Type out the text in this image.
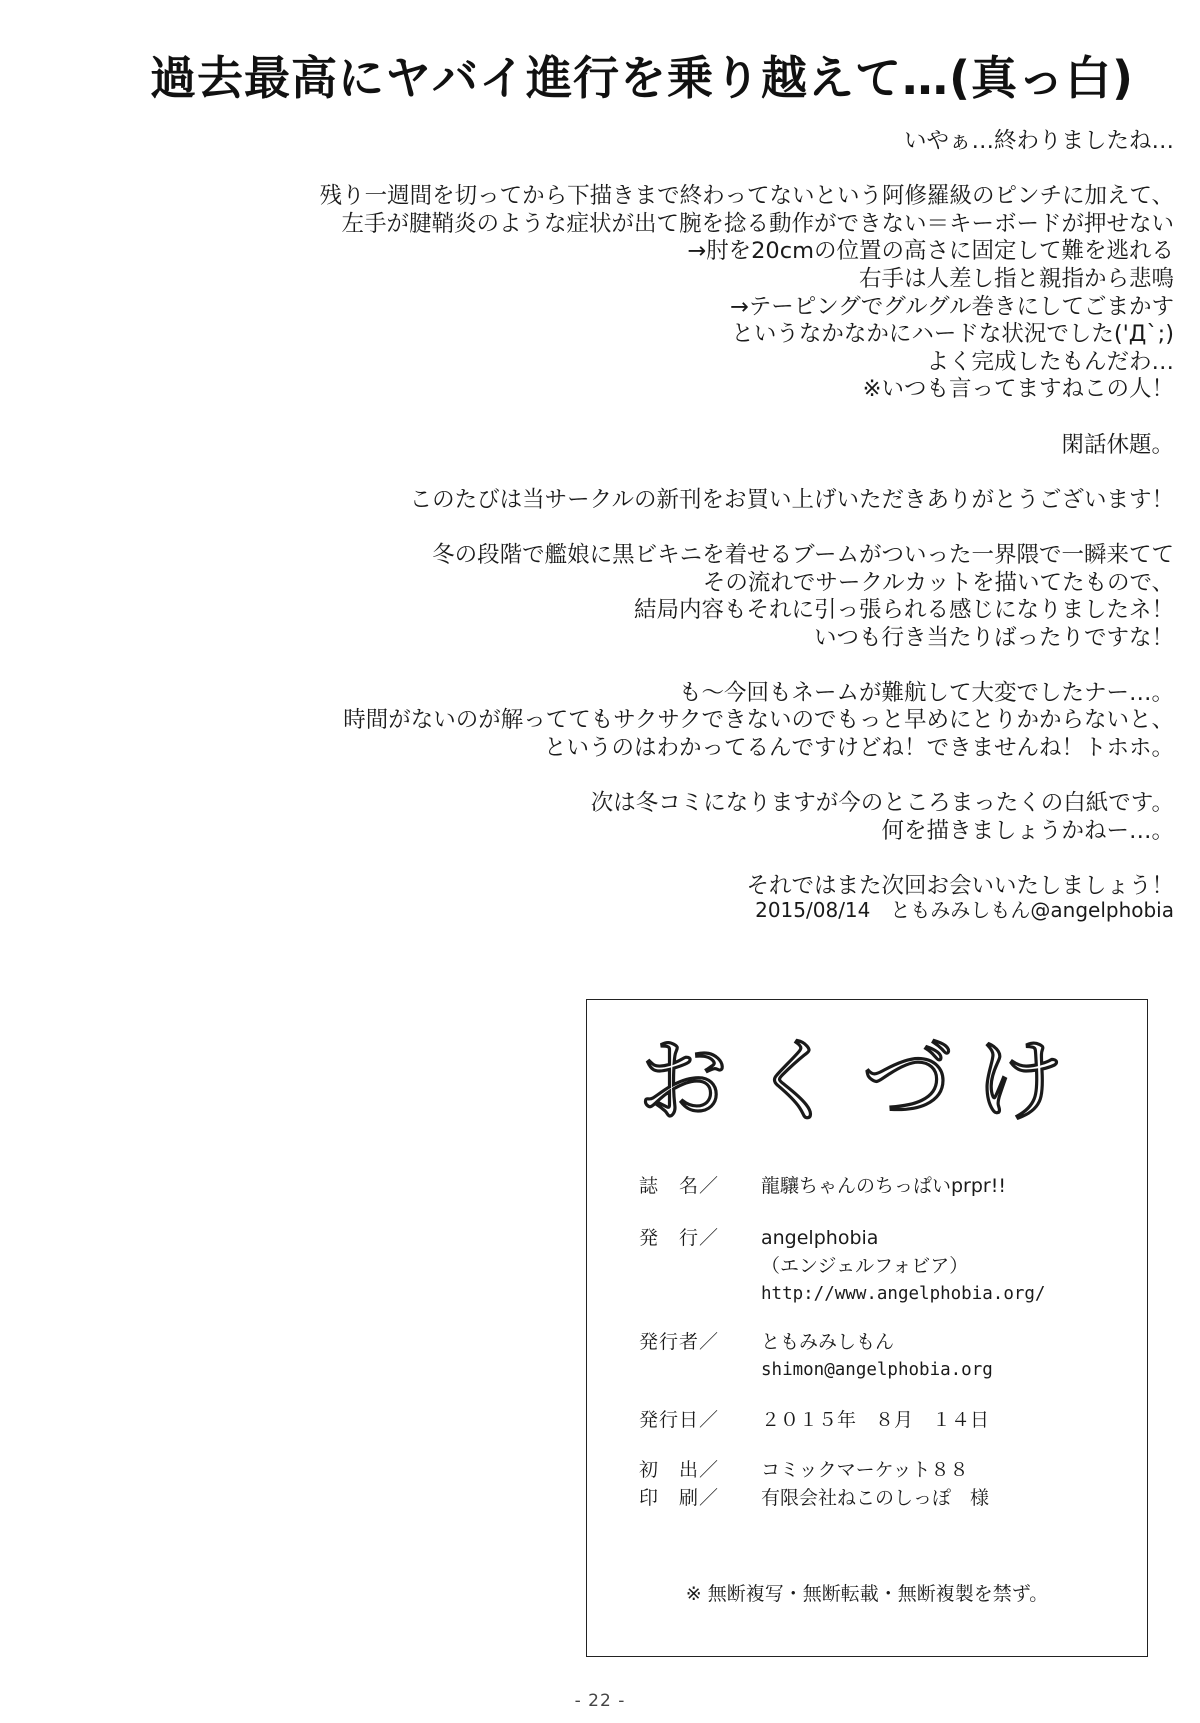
過去最高にヤバイ進行を乗り越えて…(真っ白)
いやぁ…終わりましたね…
残り一週間を切ってから下描きまで終わってないという阿修羅級のピンチに加えて、
左手が腱鞘炎のような症状が出て腕を捻る動作ができない＝キーボードが押せない
→肘を20cmの位置の高さに固定して難を逃れる
右手は人差し指と親指から悲鳴
→テーピングでグルグル巻きにしてごまかす
というなかなかにハードな状況でした('Д`;)
よく完成したもんだわ…
※いつも言ってますねこの人！
閑話休題。
このたびは当サークルの新刊をお買い上げいただきありがとうございます！
冬の段階で艦娘に黒ビキニを着せるブームがついった一界隈で一瞬来てて
その流れでサークルカットを描いてたもので、
結局内容もそれに引っ張られる感じになりましたネ！
いつも行き当たりばったりですな！
も～今回もネームが難航して大変でしたナー…。
時間がないのが解っててもサクサクできないのでもっと早めにとりかからないと、
というのはわかってるんですけどね！できませんね！トホホ。
次は冬コミになりますが今のところまったくの白紙です。
何を描きましょうかねー…。
それではまた次回お会いいたしましょう！
2015/08/14　ともみみしもん@angelphobia
おくづけ
誌　名／	龍驤ちゃんのちっぱいprpr!!
発　行／	angelphobia
（エンジェルフォビア）
http://www.angelphobia.org/
発行者／	ともみみしもん
shimon@angelphobia.org
発行日／	２０１５年　８月　１４日
初　出／	コミックマーケット８８
印　刷／	有限会社ねこのしっぽ　様
※ 無断複写・無断転載・無断複製を禁ず。
- 22 -
